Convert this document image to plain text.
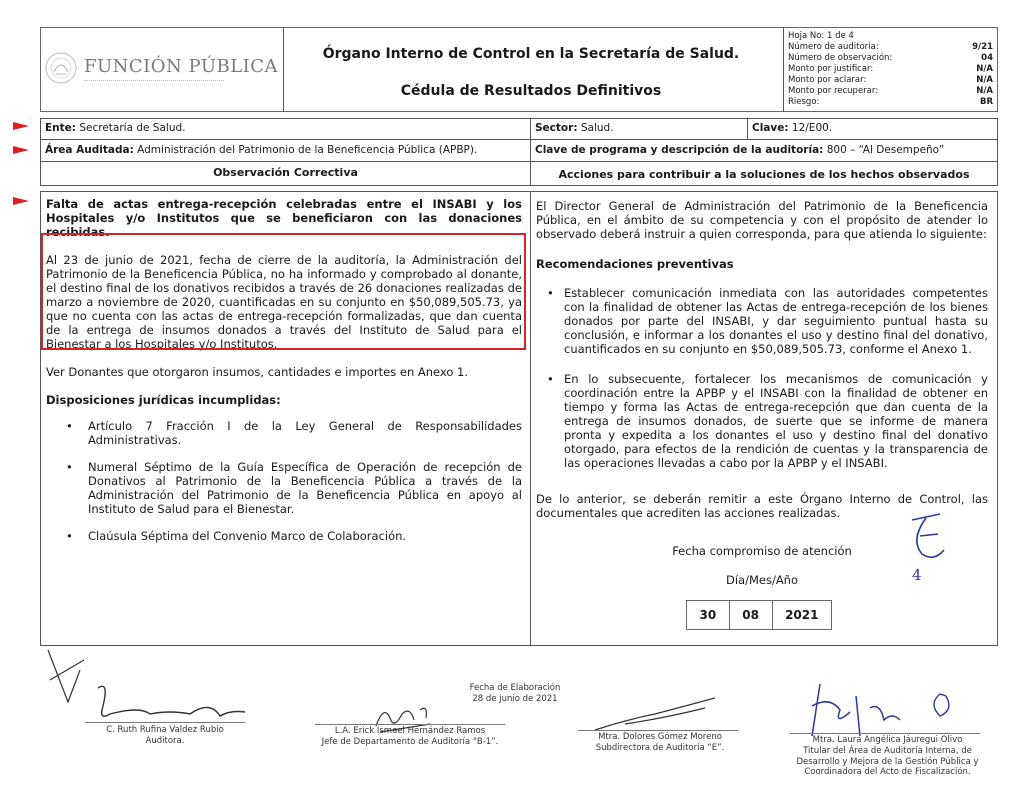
FUNCIÓN PÚBLICA
Órgano Interno de Control en la Secretaría de Salud.
Cédula de Resultados Definitivos
Hoja No: 1 de 4
Número de auditoría:	9/21
Número de observación:	04
Monto por justificar:	N/A
Monto por aclarar:	N/A
Monto por recuperar:	N/A
Riesgo:	BR
Ente: Secretaría de Salud.	Sector: Salud.	Clave: 12/E00.
Área Auditada: Administración del Patrimonio de la Beneficencia Pública (APBP).	Clave de programa y descripción de la auditoría: 800 – “Al Desempeño”
Observación Correctiva	Acciones para contribuir a la soluciones de los hechos observados
Falta de actas entrega-recepción celebradas entre el INSABI y los Hospitales y/o Institutos que se beneficiaron con las donaciones recibidas.
Al 23 de junio de 2021, fecha de cierre de la auditoría, la Administración del Patrimonio de la Beneficencia Pública, no ha informado y comprobado al donante, el destino final de los donativos recibidos a través de 26 donaciones realizadas de marzo a noviembre de 2020, cuantificadas en su conjunto en $50,089,505.73, ya que no cuenta con las actas de entrega-recepción formalizadas, que dan cuenta de la entrega de insumos donados a través del Instituto de Salud para el Bienestar a los Hospitales y/o Institutos.
Ver Donantes que otorgaron insumos, cantidades e importes en Anexo 1.
Disposiciones jurídicas incumplidas:
• Artículo 7 Fracción I de la Ley General de Responsabilidades Administrativas.
• Numeral Séptimo de la Guía Específica de Operación de recepción de Donativos al Patrimonio de la Beneficencia Pública a través de la Administración del Patrimonio de la Beneficencia Pública en apoyo al Instituto de Salud para el Bienestar.
• Claúsula Séptima del Convenio Marco de Colaboración.
El Director General de Administración del Patrimonio de la Beneficencia Pública, en el ámbito de su competencia y con el propósito de atender lo observado deberá instruir a quien corresponda, para que atienda lo siguiente:
Recomendaciones preventivas
• Establecer comunicación inmediata con las autoridades competentes con la finalidad de obtener las Actas de entrega-recepción de los bienes donados por parte del INSABI, y dar seguimiento puntual hasta su conclusión, e informar a los donantes el uso y destino final del donativo, cuantificados en su conjunto en $50,089,505.73, conforme el Anexo 1.
• En lo subsecuente, fortalecer los mecanismos de comunicación y coordinación entre la APBP y el INSABI con la finalidad de obtener en tiempo y forma las Actas de entrega-recepción que dan cuenta de la entrega de insumos donados, de suerte que se informe de manera pronta y expedita a los donantes el uso y destino final del donativo otorgado, para efectos de la rendición de cuentas y la transparencia de las operaciones llevadas a cabo por la APBP y el INSABI.
De lo anterior, se deberán remitir a este Órgano Interno de Control, las documentales que acrediten las acciones realizadas.
Fecha compromiso de atención
Día/Mes/Año
30	08	2021
4
Fecha de Elaboración
28 de junio de 2021
C. Ruth Rufina Valdez Rubio
Auditora.
L.A. Erick Ismael Hernández Ramos
Jefe de Departamento de Auditoría “B-1”.	Mtra. Dolores Gómez Moreno
Subdirectora de Auditoría “E”.
Mtra. Laura Angélica Jáuregui Olivo
Titular del Área de Auditoría Interna, de Desarrollo y Mejora de la Gestión Pública y Coordinadora del Acto de Fiscalización.
